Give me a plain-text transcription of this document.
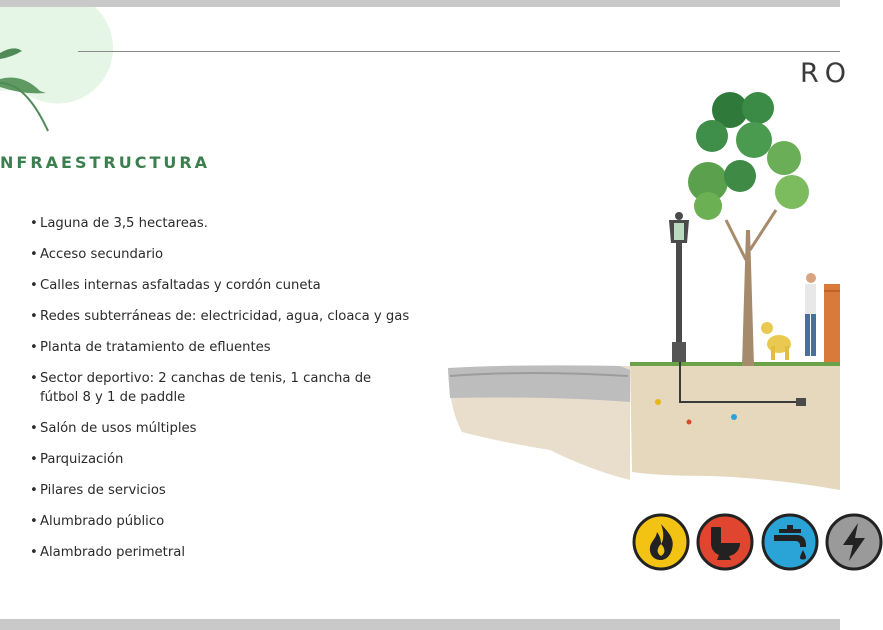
RO
NFRAESTRUCTURA
• Laguna de 3,5 hectareas.
• Acceso secundario
• Calles internas asfaltadas y cordón cuneta
• Redes subterráneas de: electricidad, agua, cloaca y gas
• Planta de tratamiento de efluentes
• Sector deportivo: 2 canchas de tenis, 1 cancha de fútbol 8 y 1 de paddle
• Salón de usos múltiples
• Parquización
• Pilares de servicios
• Alumbrado público
• Alambrado perimetral
